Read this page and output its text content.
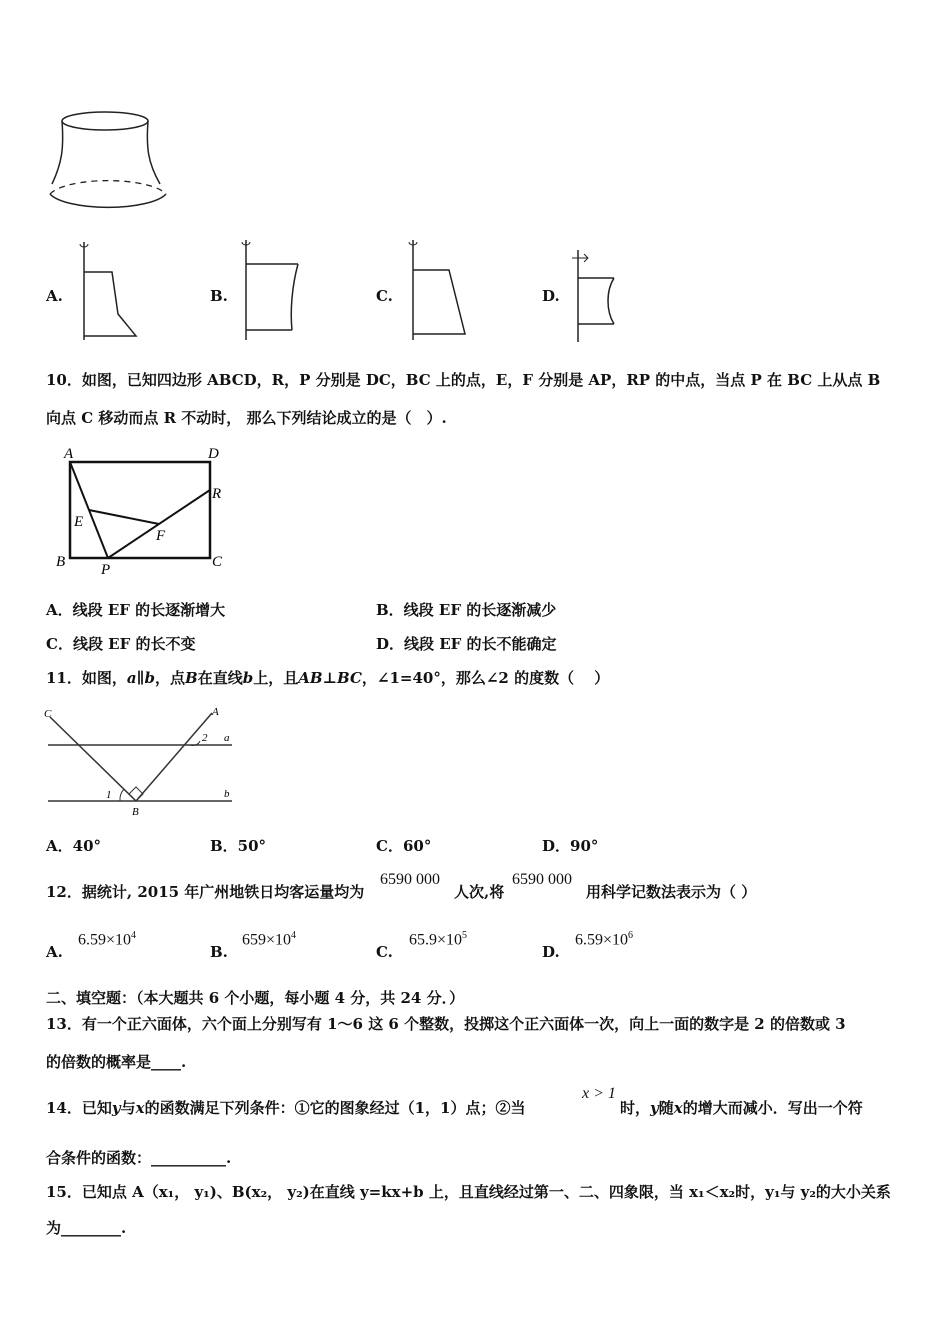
A.	B.	C.	D.
10．如图，已知四边形 ABCD，R，P 分别是 DC，BC 上的点，E，F 分别是 AP，RP 的中点，当点 P 在 BC 上从点 B
向点 C 移动而点 R 不动时， 那么下列结论成立的是（　）.
A	D
R
E
F
B P	C
A．线段 EF 的长逐渐增大	B．线段 EF 的长逐渐减少
C．线段 EF 的长不变	D．线段 EF 的长不能确定
11．如图，a∥b，点B在直线b上，且AB⊥BC，∠1=40°，那么∠2 的度数（　 ）
C	A
a
b
1
2
B
A．40°	B．50°	C．60°	D．90°
12．据统计, 2015 年广州地铁日均客运量均为
6590 000
人次,将
6590 000
用科学记数法表示为（ ）
A.
$6.59\times 10^4$
B.
$659\times 10^4$
C.
$65.9\times 10^5$
D.
$6.59\times 10^6$
二、填空题：（本大题共 6 个小题，每小题 4 分，共 24 分．）
13．有一个正六面体，六个面上分别写有 1～6 这 6 个整数，投掷这个正六面体一次，向上一面的数字是 2 的倍数或 3
的倍数的概率是____.
14．已知y与x的函数满足下列条件：①它的图象经过（1，1）点；②当
x > 1
时，y随x的增大而减小．写出一个符
合条件的函数：__________.
15．已知点 A（x₁， y₁)、B(x₂， y₂)在直线 y=kx+b 上，且直线经过第一、二、四象限，当 x₁＜x₂时，y₁与 y₂的大小关系
为________.
